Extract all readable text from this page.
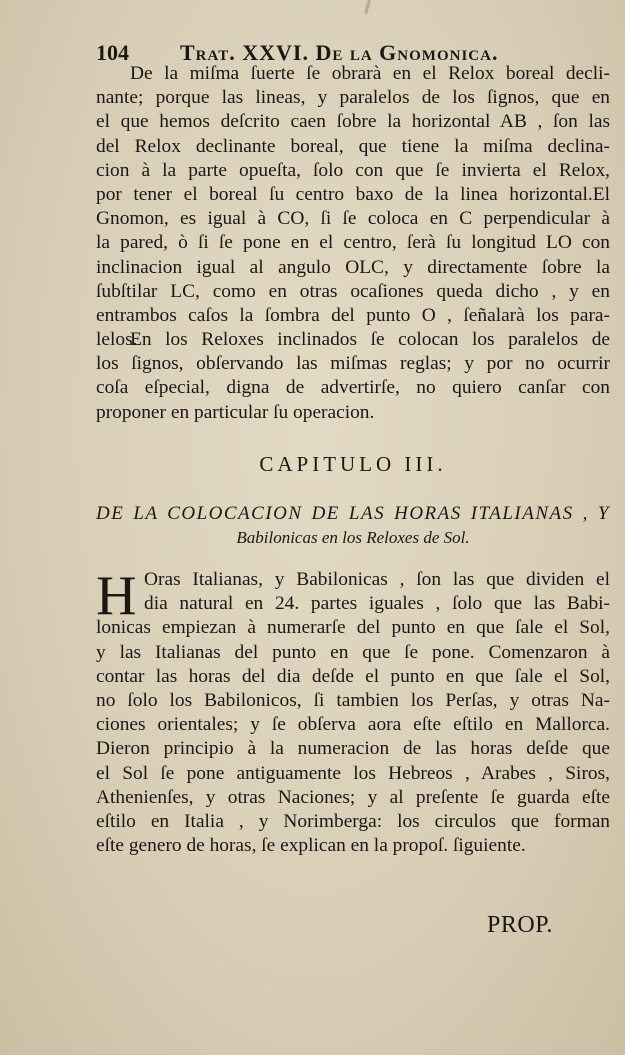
104 Trat. XXVI. De la Gnomonica.
De la miſma ſuerte ſe obrarà en el Relox boreal decli-
nante; porque las lineas, y paralelos de los ſignos, que en
el que hemos deſcrito caen ſobre la horizontal AB , ſon las
del Relox declinante boreal, que tiene la miſma declina-
cion à la parte opueſta, ſolo con que ſe invierta el Relox,
por tener el boreal ſu centro baxo de la linea horizontal.El
Gnomon, es igual à CO, ſi ſe coloca en C perpendicular à
la pared, ò ſi ſe pone en el centro, ſerà ſu longitud LO con
inclinacion igual al angulo OLC, y directamente ſobre la
ſubſtilar LC, como en otras ocaſiones queda dicho , y en
entrambos caſos la ſombra del punto O , ſeñalarà los para-
lelos.
En los Reloxes inclinados ſe colocan los paralelos de
los ſignos, obſervando las miſmas reglas; y por no ocurrir
coſa eſpecial, digna de advertirſe, no quiero canſar con
proponer en particular ſu operacion.
CAPITULO III.
DE LA COLOCACION DE LAS HORAS ITALIANAS , Y
Babilonicas en los Reloxes de Sol.
H Oras Italianas, y Babilonicas , ſon las que dividen el
dia natural en 24. partes iguales , ſolo que las Babi-
lonicas empiezan à numerarſe del punto en que ſale el Sol,
y las Italianas del punto en que ſe pone. Comenzaron à
contar las horas del dia deſde el punto en que ſale el Sol,
no ſolo los Babilonicos, ſi tambien los Perſas, y otras Na-
ciones orientales; y ſe obſerva aora eſte eſtilo en Mallorca.
Dieron principio à la numeracion de las horas deſde que
el Sol ſe pone antiguamente los Hebreos , Arabes , Siros,
Athenienſes, y otras Naciones; y al preſente ſe guarda eſte
eſtilo en Italia , y Norimberga: los circulos que forman
eſte genero de horas, ſe explican en la propoſ. ſiguiente.
PROP.
